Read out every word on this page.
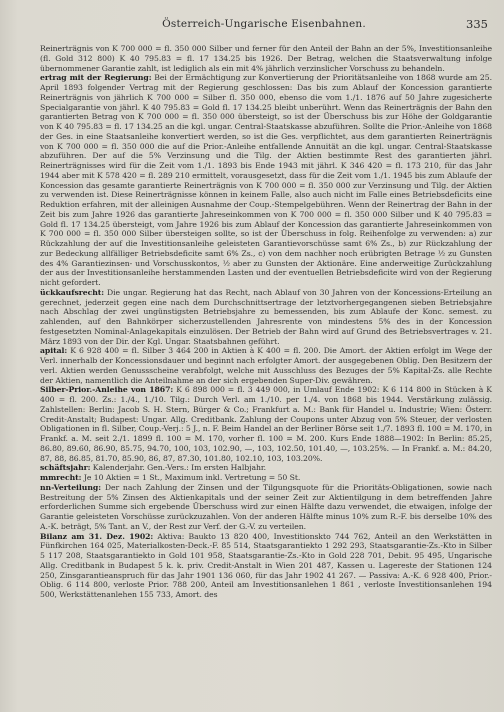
Österreich-Ungarische Eisenbahnen.	335

Reinerträgnis von K 700 000 = fl. 350 000 Silber und ferner für den Anteil der Bahn an der 5%, Investitionsanleihe (fl. Gold 312 800) K 40 795.83 = fl. 17 134.25 bis 1926. Der Betrag, welchen die Staatsverwaltung infolge übernommener Garantie zahlt, ist lediglich als ein mit 4% jährlich verzinslicher Vorschuss zu behandeln.

ertrag mit der Regierung: Bei der Ermächtigung zur Konvertierung der Prioritätsanleihe von 1868 wurde am 25. April 1893 folgender Vertrag mit der Regierung geschlossen: Das bis zum Ablauf der Koncession garantierte Reinerträgnis von jährlich K 700 000 = Silber fl. 350 000, ebenso die vom 1./1. 1876 auf 50 Jahre zugesicherte Specialgarantie von jährl. K 40 795.83 = Gold fl. 17 134.25 bleibt unberührt. Wenn das Reinerträgnis der Bahn den garantierten Betrag von K 700 000 = fl. 350 000 übersteigt, so ist der Überschuss bis zur Höhe der Goldgarantie von K 40 795.83 = fl. 17 134.25 an die kgl. ungar. Central-Staatskasse abzuführen. Sollte die Prior.-Anleihe von 1868 der Ges. in eine Staatsanleihe konvertiert werden, so ist die Ges. verpflichtet, aus dem garantierten Reinerträgnis von K 700 000 = fl. 350 000 die auf die Prior.-Anleihe entfallende Annuität an die kgl. ungar. Central-Staatskasse abzuführen. Der auf die 5% Verzinsung und die Tilg. der Aktien bestimmte Rest des garantierten jährl. Reinerträgnisses wird für die Zeit vom 1./1. 1893 bis Ende 1943 mit jährl. K 346 420 = fl. 173 210, für das Jahr 1944 aber mit K 578 420 = fl. 289 210 ermittelt, vorausgesetzt, dass für die Zeit vom 1./1. 1945 bis zum Ablaufe der Koncession das gesamte garantierte Reinerträgnis von K 700 000 = fl. 350 000 zur Verzinsung und Tilg. der Aktien zu verwenden ist. Diese Reinerträgnisse können in keinem Falle, also auch nicht im Falle eines Betriebsdeficits eine Reduktion erfahren, mit der alleinigen Ausnahme der Coup.-Stempelgebühren. Wenn der Reinertrag der Bahn in der Zeit bis zum Jahre 1926 das garantierte Jahreseinkommen von K 700 000 = fl. 350 000 Silber und K 40 795.83 = Gold fl. 17 134.25 übersteigt, vom Jahre 1926 bis zum Ablauf der Koncession das garantierte Jahreseinkommen von K 700 000 = fl. 350 000 Silber übersteigen sollte, so ist der Überschuss in folg. Reihenfolge zu verwenden: a) zur Rückzahlung der auf die Investitionsanleihe geleisteten Garantievorschüsse samt 6% Zs., b) zur Rückzahlung der zur Bedeckung allfälliger Betriebsdeficite samt 6% Zs., c) von dem nachher noch erübrigten Betrage ½ zu Gunsten des 4% Garantiezinsen- und Vorschusskontos, ½ aber zu Gunsten der Aktionäre. Eine anderweitige Zurückzahlung der aus der Investitionsanleihe herstammenden Lasten und der eventuellen Betriebsdeficite wird von der Regierung nicht gefordert.

ückkaufsrecht: Die ungar. Regierung hat das Recht, nach Ablauf von 30 Jahren von der Koncessions-Erteilung an gerechnet, jederzeit gegen eine nach dem Durchschnittsertrage der letztvorhergegangenen sieben Betriebsjahre nach Abschlag der zwei ungünstigsten Betriebsjahre zu bemessenden, bis zum Ablaufe der Konc. semest. zu zahlenden, auf den Bahnkörper sicherzustellenden Jahresrente von mindestens 5% des in der Koncession festgesetzten Nominal-Anlagekapitals einzulösen. Der Betrieb der Bahn wird auf Grund des Betriebsvertrages v. 21. März 1893 von der Dir. der Kgl. Ungar. Staatsbahnen geführt.

apital: K 6 928 400 = fl. Silber 3 464 200 in Aktien à K 400 = fl. 200. Die Amort. der Aktien erfolgt im Wege der Verl. innerhalb der Koncessionsdauer und beginnt nach erfolgter Amort. der ausgegebenen Oblig. Den Besitzern der verl. Aktien werden Genussscheine verabfolgt, welche mit Ausschluss des Bezuges der 5% Kapital-Zs. alle Rechte der Aktien, namentlich die Anteilnahme an der sich ergebenden Super-Div. gewähren.

Silber-Prior.-Anleihe von 1867: K 6 898 000 = fl. 3 449 000, in Umlauf Ende 1902: K 6 114 800 in Stücken à K 400 = fl. 200. Zs.: 1./4., 1./10. Tilg.: Durch Verl. am 1./10. per 1./4. von 1868 bis 1944. Verstärkung zulässig. Zahlstellen: Berlin: Jacob S. H. Stern, Bürger & Co.; Frankfurt a. M.: Bank für Handel u. Industrie; Wien: Österr. Credit-Anstalt; Budapest: Ungar. Allg. Creditbank. Zahlung der Coupons unter Abzug von 5% Steuer, der verlosten Obligationen in fl. Silber, Coup.-Verj.: 5 J., n. F. Beim Handel an der Berliner Börse seit 1./7. 1893 fl. 100 = M. 170, in Frankf. a. M. seit 2./1. 1899 fl. 100 = M. 170, vorher fl. 100 = M. 200. Kurs Ende 1888—1902: In Berlin: 85.25, 86.80, 89.60, 86.90, 85.75, 94.70, 100, 103, 102.90, —, 103, 102.50, 101.40, —, 103.25%. — In Frankf. a. M.: 84.20, 87, 88, 86.85, 81.70, 85.90, 86, 87, 87.30, 101.80, 102.10, 103, 103.20%.

schäftsjahr: Kalenderjahr. Gen.-Vers.: Im ersten Halbjahr.

mmrecht: Je 10 Aktien = 1 St., Maximum inkl. Vertretung = 50 St.

nn-Verteilung: Der nach Zahlung der Zinsen und der Tilgungsquote für die Prioritäts-Obligationen, sowie nach Bestreitung der 5% Zinsen des Aktienkapitals und der seiner Zeit zur Aktientilgung in dem betreffenden Jahre erforderlichen Summe sich ergebende Überschuss wird zur einen Hälfte dazu verwendet, die etwaigen, infolge der Garantie geleisteten Vorschüsse zurückzuzahlen. Von der anderen Hälfte minus 10% zum R.-F. bis derselbe 10% des A.-K. beträgt, 5% Tant. an V., der Rest zur Verf. der G.-V. zu verteilen.

Bilanz am 31. Dez. 1902: Aktiva: Baukto 13 820 400, Investitionskto 744 762, Anteil an den Werkstätten in Fünfkirchen 164 025, Materialkosten-Deck.-F. 85 514, Staatsgarantiekto 1 292 293, Staatsgarantie-Zs.-Kto in Silber 5 117 208, Staatsgarantiekto in Gold 101 958, Staatsgarantie-Zs.-Kto in Gold 228 701, Debit. 95 495, Ungarische Allg. Creditbank in Budapest 5 k. k. priv. Credit-Anstalt in Wien 201 487, Kassen u. Lagereste der Stationen 124 250, Zinsgarantieanspruch für das Jahr 1901 136 060, für das Jahr 1902 41 267. — Passiva: A.-K. 6 928 400, Prior.-Oblig. 6 114 800, verloste Prior. 788 200, Anteil am Investitionsanlehen 1 861 , verloste Investitionsanlehen 194 500, Werkstättenanlehen 155 733, Amort. des
